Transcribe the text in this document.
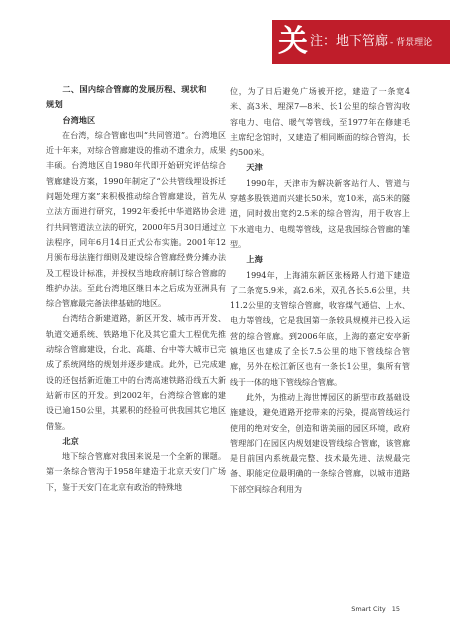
关 注：地下管廊 - 背景理论
二、国内综合管廊的发展历程、现状和
规划
台湾地区

在台湾，综合管廊也叫“共同管道”。台湾地区近十年来，对综合管廊建设的推动不遗余力，成果丰硕。台湾地区自1980年代即开始研究评估综合管廊建设方案，1990年制定了“公共管线埋设拆迁问题处理方案”来积极推动综合管廊建设，首先从立法方面进行研究，1992年委托中华道路协会进行共同管道法立法的研究，2000年5月30日通过立法程序，同年6月14日正式公布实施。2001年12月颁布母法施行细则及建设综合管廊经费分摊办法及工程设计标准，并授权当地政府制订综合管廊的维护办法。至此台湾地区继日本之后成为亚洲具有综合管廊最完备法律基础的地区。

台湾结合新建道路，新区开发、城市再开发、轨道交通系统、铁路地下化及其它重大工程优先推动综合管廊建设，台北、高雄、台中等大城市已完成了系统网络的规划并逐步建成。此外，已完成建设的还包括新近施工中的台湾高速铁路沿线五大新站新市区的开发。到2002年，台湾综合管廊的建设已逾150公里，其累积的经验可供我国其它地区借鉴。

北京

地下综合管廊对我国来说是一个全新的课题。第一条综合管沟于1958年建造于北京天安门广场下，鉴于天安门在北京有政治的特殊地

位，为了日后避免广场被开挖，建造了一条宽4米、高3米、埋深7—8米、长1公里的综合管沟收容电力、电信、暖气等管线，至1977年在修建毛主席纪念馆时，又建造了相同断面的综合管沟，长约500米。

天津

1990年，天津市为解决新客站行人、管道与穿越多股铁道而兴建长50米，宽10米，高5米的隧道，同时拨出宽约2.5米的综合管沟，用于收容上下水道电力、电缆等管线，这是我国综合管廊的雏型。

上海

1994年，上海浦东新区张杨路人行道下建造了二条宽5.9米，高2.6米，双孔各长5.6公里，共11.2公里的支管综合管廊，收容煤气通信、上水、电力等管线，它是我国第一条较具规模并已投入运营的综合管廊。到2006年底，上海的嘉定安亭新镇地区也建成了全长7.5公里的地下管线综合管廊，另外在松江新区也有一条长1公里，集所有管线于一体的地下管线综合管廊。

此外，为推动上海世博园区的新型市政基础设施建设，避免道路开挖带来的污染，提高管线运行使用的绝对安全，创造和谐美丽的园区环境，政府管理部门在园区内规划建设管线综合管廊，该管廊是目前国内系统最完整、技术最先进、法规最完备、职能定位最明确的一条综合管廊，以城市道路下部空间综合利用为

Smart City 15
